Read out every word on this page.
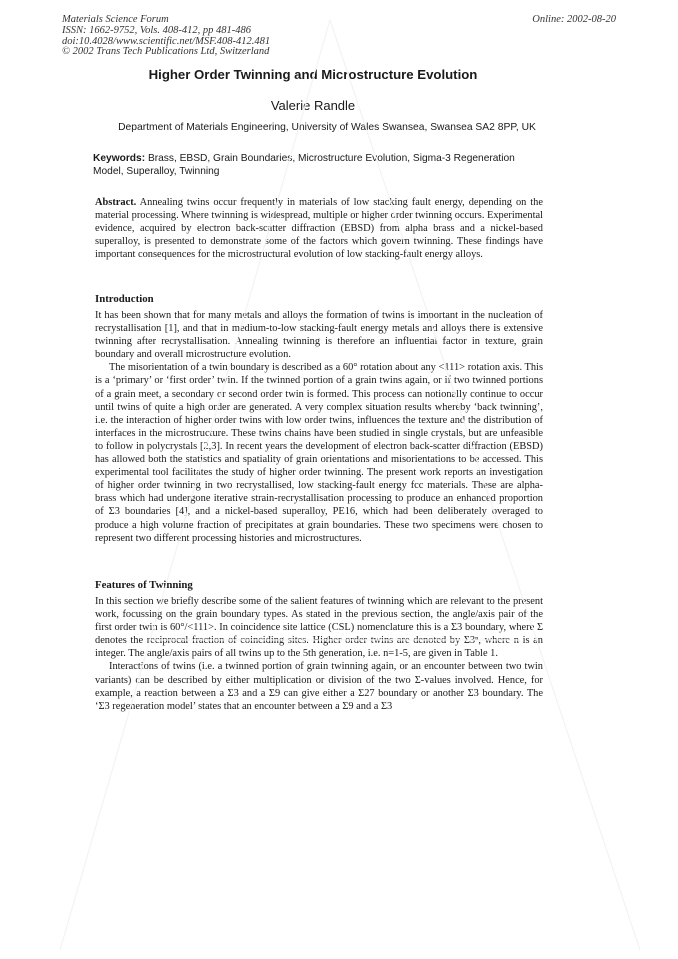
Materials Science Forum
ISSN: 1662-9752, Vols. 408-412, pp 481-486
doi:10.4028/www.scientific.net/MSF.408-412.481
© 2002 Trans Tech Publications Ltd, Switzerland
Online: 2002-08-20
Higher Order Twinning and Microstructure Evolution
Valerie Randle
Department of Materials Engineering, University of Wales Swansea, Swansea SA2 8PP, UK
Keywords: Brass, EBSD, Grain Boundaries, Microstructure Evolution, Sigma-3 Regeneration Model, Superalloy, Twinning
Abstract. Annealing twins occur frequently in materials of low stacking fault energy, depending on the material processing. Where twinning is widespread, multiple or higher order twinning occurs. Experimental evidence, acquired by electron back-scatter diffraction (EBSD) from alpha brass and a nickel-based superalloy, is presented to demonstrate some of the factors which govern twinning. These findings have important consequences for the microstructural evolution of low stacking-fault energy alloys.
Introduction

It has been shown that for many metals and alloys the formation of twins is important in the nucleation of recrystallisation [1], and that in medium-to-low stacking-fault energy metals and alloys there is extensive twinning after recrystallisation. Annealing twinning is therefore an influential factor in texture, grain boundary and overall microstructure evolution.

The misorientation of a twin boundary is described as a 60° rotation about any <111> rotation axis. This is a ‘primary’ or ‘first order’ twin. If the twinned portion of a grain twins again, or if two twinned portions of a grain meet, a secondary or second order twin is formed. This process can notionally continue to occur until twins of quite a high order are generated. A very complex situation results whereby ‘back twinning’, i.e. the interaction of higher order twins with low order twins, influences the texture and the distribution of interfaces in the microstructure. These twins chains have been studied in single crystals, but are unfeasible to follow in polycrystals [2,3]. In recent years the development of electron back-scatter diffraction (EBSD) has allowed both the statistics and spatiality of grain orientations and misorientations to be accessed. This experimental tool facilitates the study of higher order twinning. The present work reports an investigation of higher order twinning in two recrystallised, low stacking-fault energy fcc materials. These are alpha-brass which had undergone iterative strain-recrystallisation processing to produce an enhanced proportion of Σ3 boundaries [4], and a nickel-based superalloy, PE16, which had been deliberately overaged to produce a high volume fraction of precipitates at grain boundaries. These two specimens were chosen to represent two different processing histories and microstructures.

Features of Twinning

In this section we briefly describe some of the salient features of twinning which are relevant to the present work, focussing on the grain boundary types. As stated in the previous section, the angle/axis pair of the first order twin is 60°/<111>. In coincidence site lattice (CSL) nomenclature this is a Σ3 boundary, where Σ denotes the reciprocal fraction of coinciding sites. Higher order twins are denoted by Σ3ⁿ, where n is an integer. The angle/axis pairs of all twins up to the 5th generation, i.e. n=1-5, are given in Table 1.

Interactions of twins (i.e. a twinned portion of grain twinning again, or an encounter between two twin variants) can be described by either multiplication or division of the two Σ-values involved. Hence, for example, a reaction between a Σ3 and a Σ9 can give either a Σ27 boundary or another Σ3 boundary. The ‘Σ3 regeneration model’ states that an encounter between a Σ9 and a Σ3
